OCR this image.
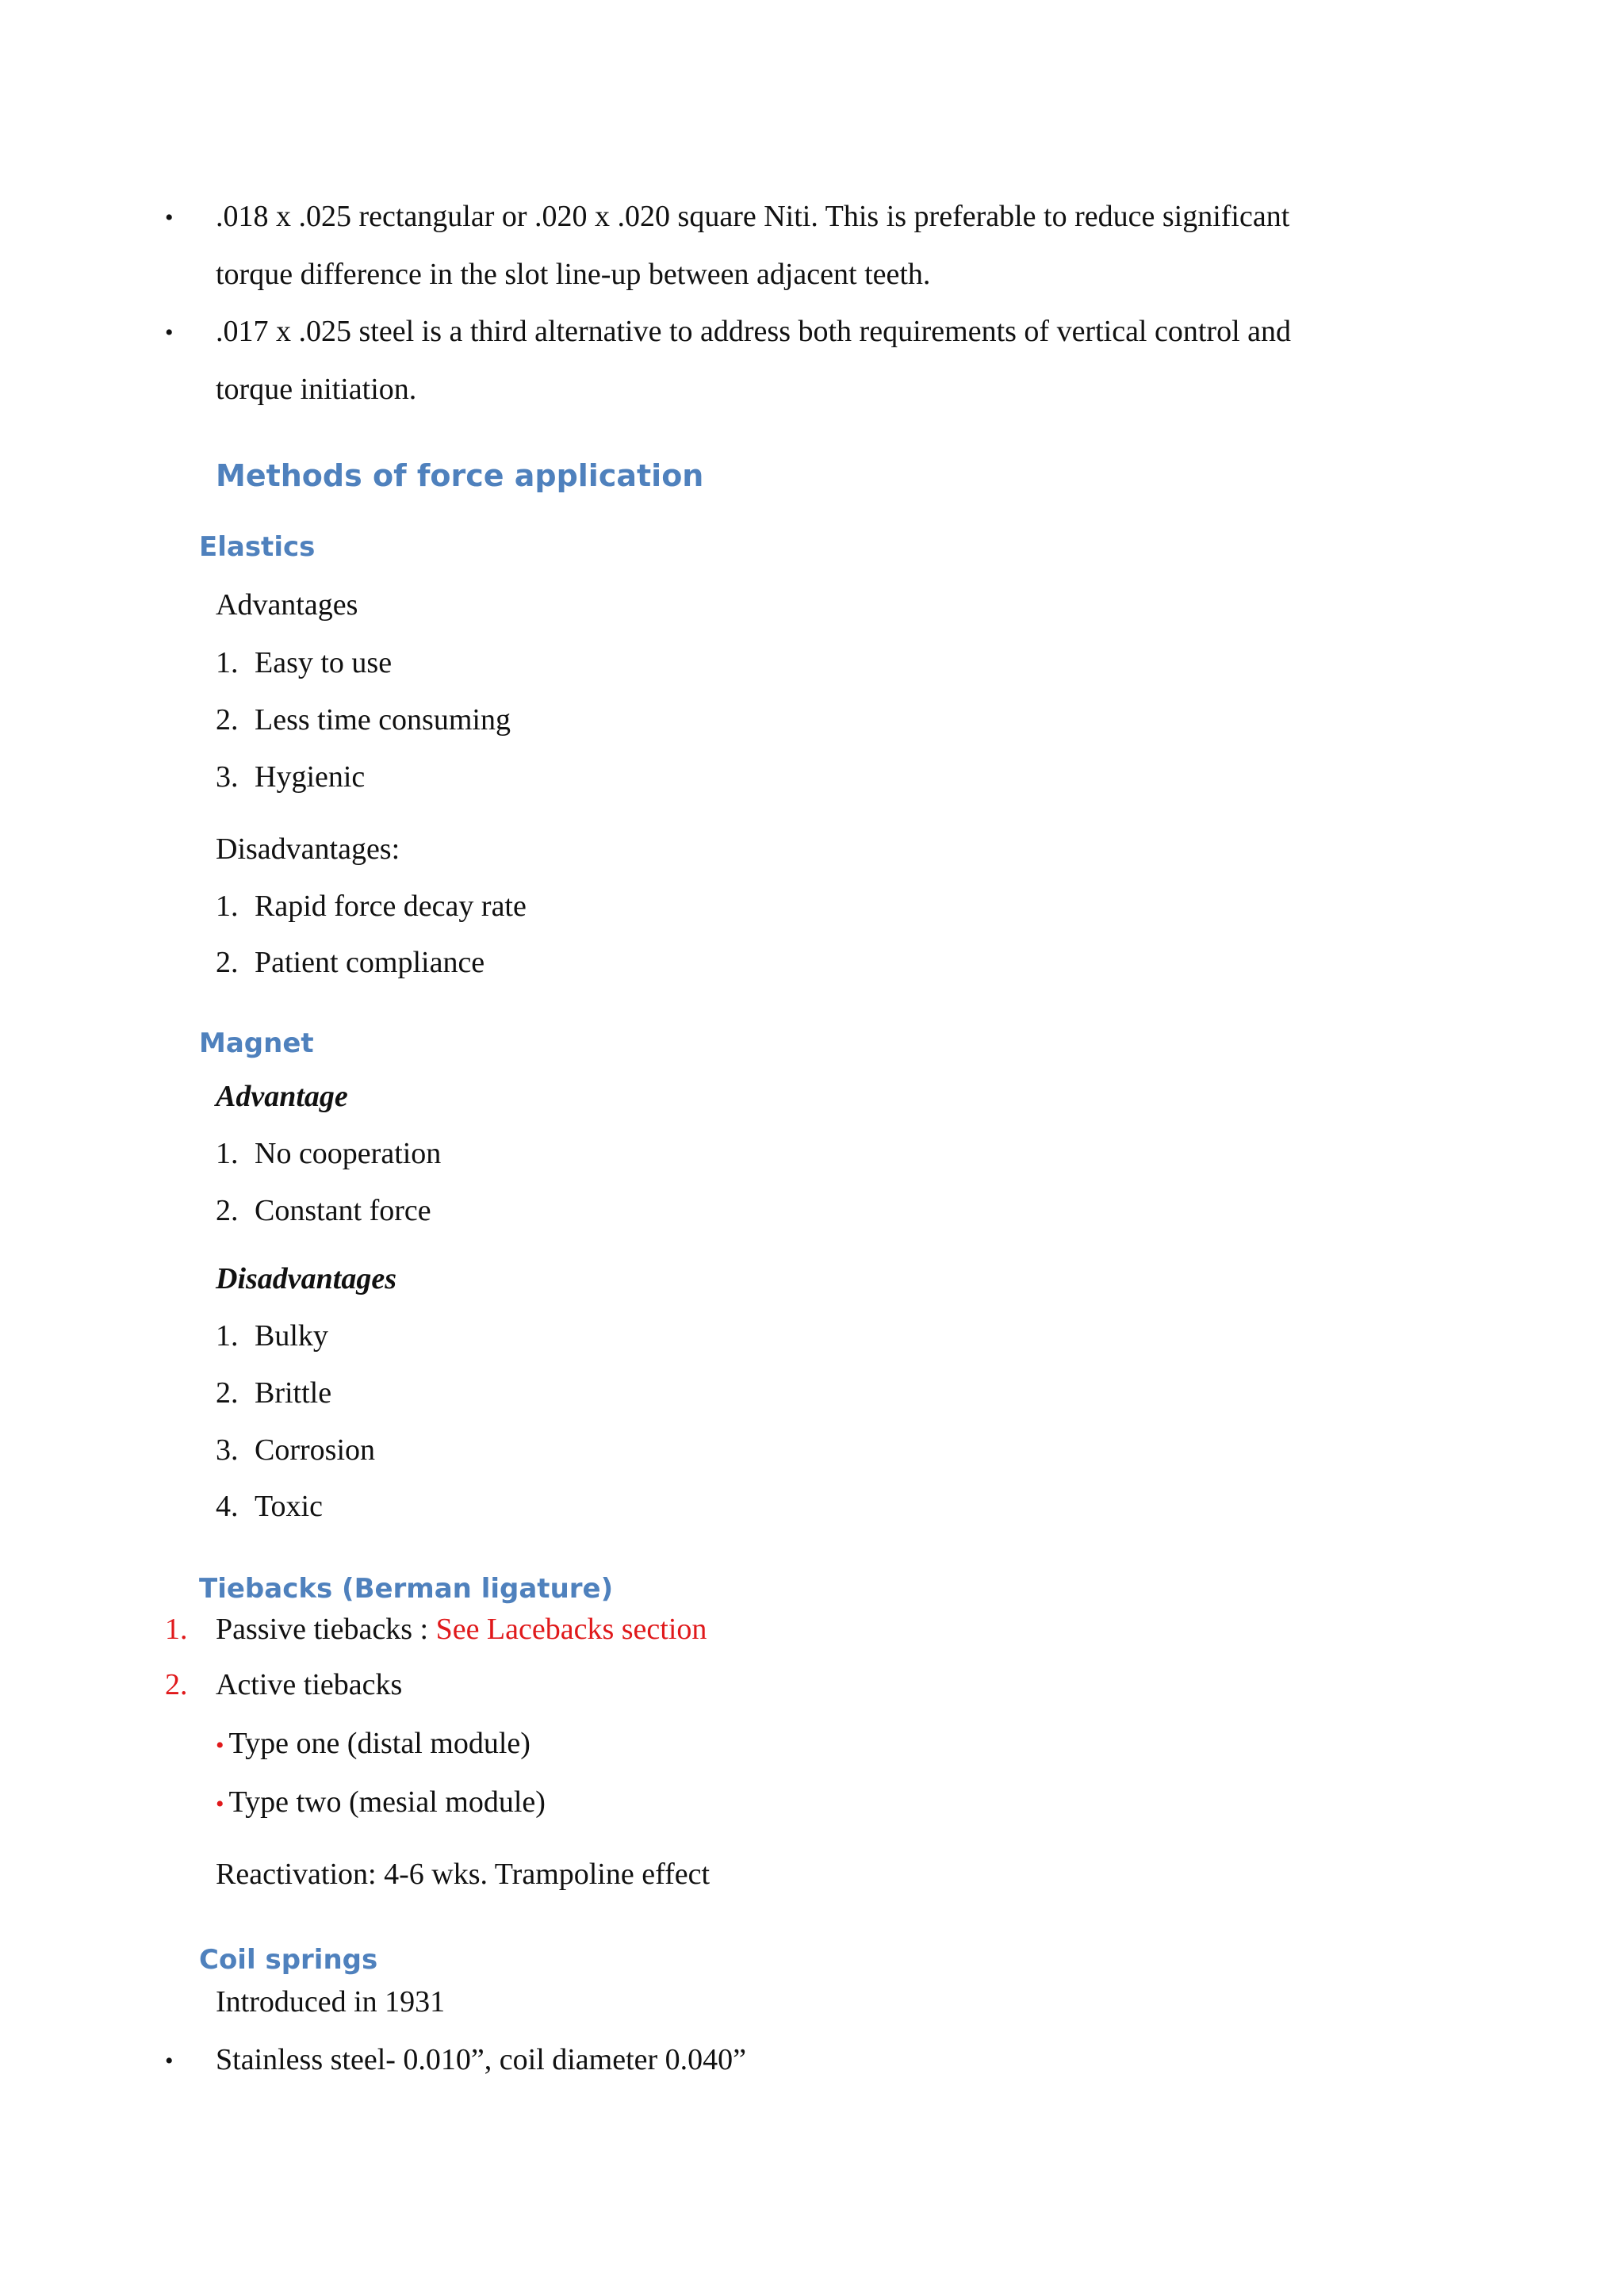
• .018 x .025 rectangular or .020 x .020 square Niti. This is preferable to reduce significant
torque difference in the slot line-up between adjacent teeth.
• .017 x .025 steel is a third alternative to address both requirements of vertical control and
torque initiation.
Methods of force application
Elastics
Advantages
1. Easy to use
2. Less time consuming
3. Hygienic
Disadvantages:
1. Rapid force decay rate
2. Patient compliance
Magnet
Advantage
1. No cooperation
2. Constant force
Disadvantages
1. Bulky
2. Brittle
3. Corrosion
4. Toxic
Tiebacks (Berman ligature)
1. Passive tiebacks : See Lacebacks section
2. Active tiebacks
• Type one (distal module)
• Type two (mesial module)
Reactivation: 4-6 wks. Trampoline effect
Coil springs
Introduced in 1931
• Stainless steel- 0.010”, coil diameter 0.040”
